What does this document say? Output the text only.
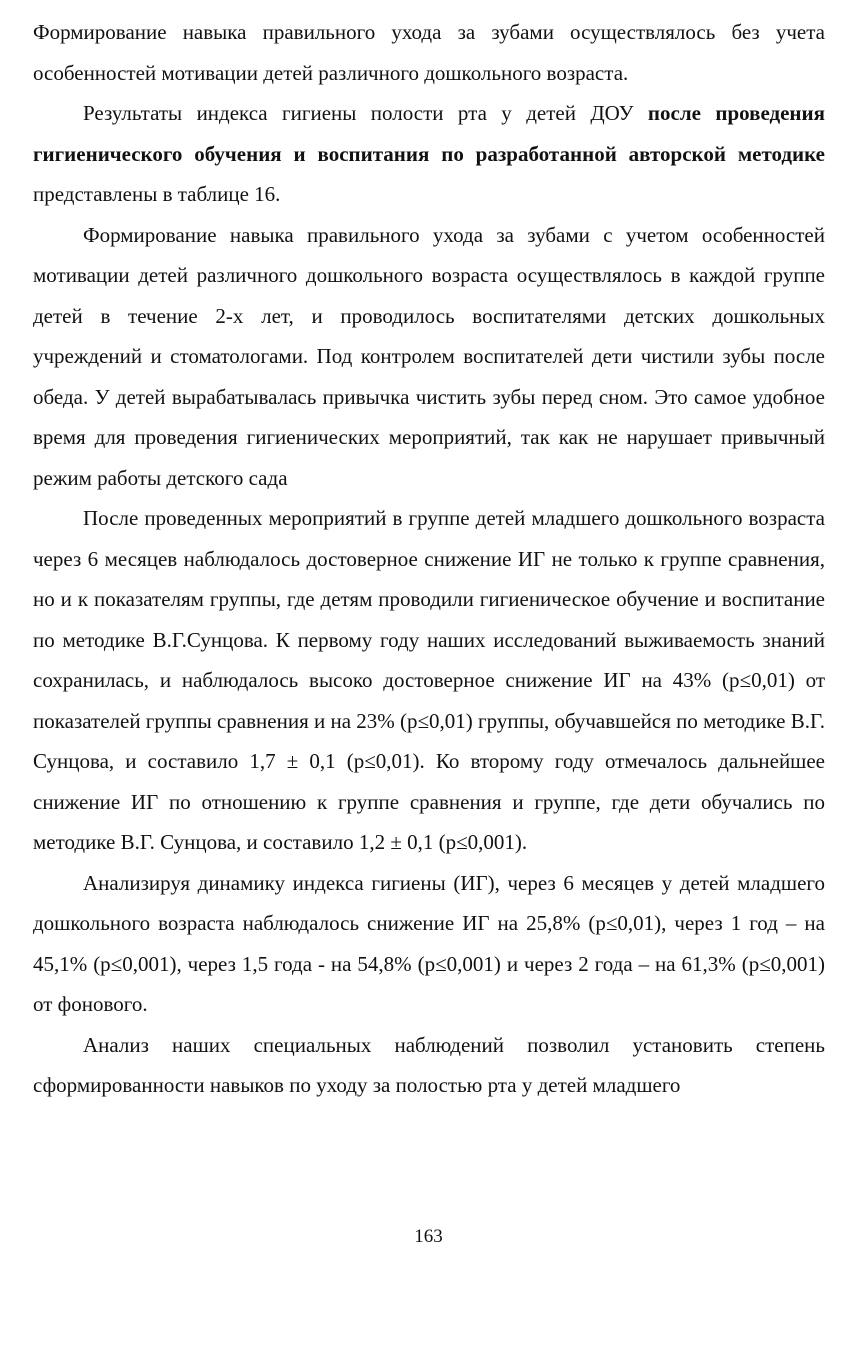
Формирование навыка правильного ухода за зубами осуществлялось без учета особенностей мотивации детей различного дошкольного возраста.

Результаты индекса гигиены полости рта у детей ДОУ после проведения гигиенического обучения и воспитания по разработанной авторской методике представлены в таблице 16.

Формирование навыка правильного ухода за зубами с учетом особенностей мотивации детей различного дошкольного возраста осуществлялось в каждой группе детей в течение 2-х лет, и проводилось воспитателями детских дошкольных учреждений и стоматологами. Под контролем воспитателей дети чистили зубы после обеда. У детей вырабатывалась привычка чистить зубы перед сном. Это самое удобное время для проведения гигиенических мероприятий, так как не нарушает привычный режим работы детского сада

После проведенных мероприятий в группе детей младшего дошкольного возраста через 6 месяцев наблюдалось достоверное снижение ИГ не только к группе сравнения, но и к показателям группы, где детям проводили гигиеническое обучение и воспитание по методике В.Г.Сунцова. К первому году наших исследований выживаемость знаний сохранилась, и наблюдалось высоко достоверное снижение ИГ на 43% (р≤0,01) от показателей группы сравнения и на 23% (р≤0,01) группы, обучавшейся по методике В.Г. Сунцова, и составило 1,7 ± 0,1 (р≤0,01). Ко второму году отмечалось дальнейшее снижение ИГ по отношению к группе сравнения и группе, где дети обучались по методике В.Г. Сунцова, и составило 1,2 ± 0,1 (р≤0,001).

Анализируя динамику индекса гигиены (ИГ), через 6 месяцев у детей младшего дошкольного возраста наблюдалось снижение ИГ на 25,8% (р≤0,01), через 1 год – на 45,1% (р≤0,001), через 1,5 года - на 54,8% (р≤0,001) и через 2 года – на 61,3% (р≤0,001) от фонового.

Анализ наших специальных наблюдений позволил установить степень сформированности навыков по уходу за полостью рта у детей младшего

163
